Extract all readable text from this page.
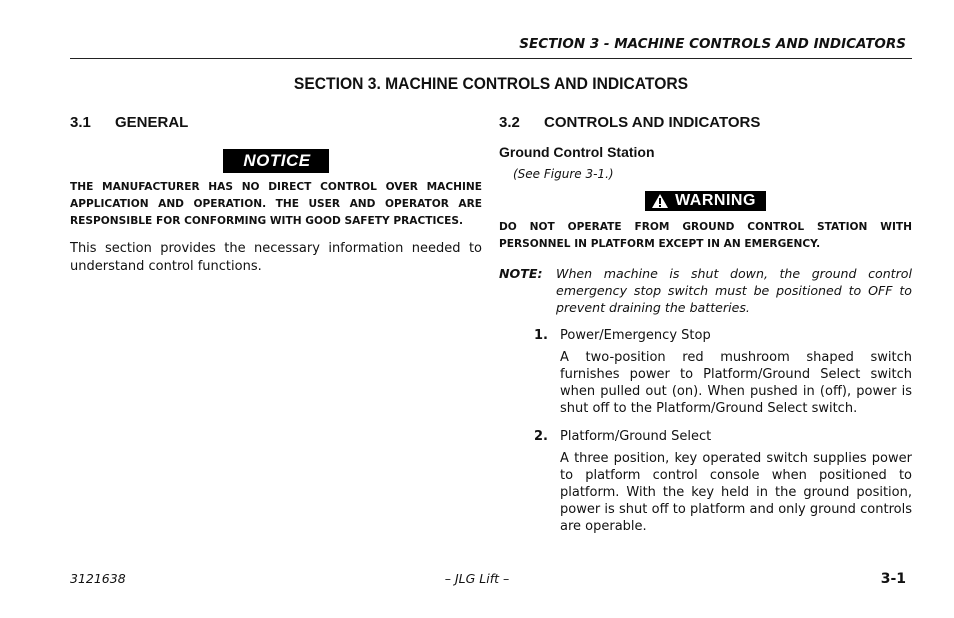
SECTION 3 - MACHINE CONTROLS AND INDICATORS
SECTION 3. MACHINE CONTROLS AND INDICATORS
3.1 GENERAL
NOTICE

THE MANUFACTURER HAS NO DIRECT CONTROL OVER MACHINE APPLICATION AND OPERATION. THE USER AND OPERATOR ARE RESPONSIBLE FOR CONFORMING WITH GOOD SAFETY PRACTICES.

This section provides the necessary information needed to understand control functions.

3.2 CONTROLS AND INDICATORS
Ground Control Station
(See Figure 3-1.)
WARNING

DO NOT OPERATE FROM GROUND CONTROL STATION WITH PERSONNEL IN PLATFORM EXCEPT IN AN EMERGENCY.

NOTE:	When machine is shut down, the ground control emergency stop switch must be positioned to OFF to prevent draining the batteries.
1. Power/Emergency Stop
A two-position red mushroom shaped switch furnishes power to Platform/Ground Select switch when pulled out (on). When pushed in (off), power is shut off to the Platform/Ground Select switch.
2. Platform/Ground Select
A three position, key operated switch supplies power to platform control console when positioned to platform. With the key held in the ground position, power is shut off to platform and only ground controls are operable.
3121638	– JLG Lift –	3-1
